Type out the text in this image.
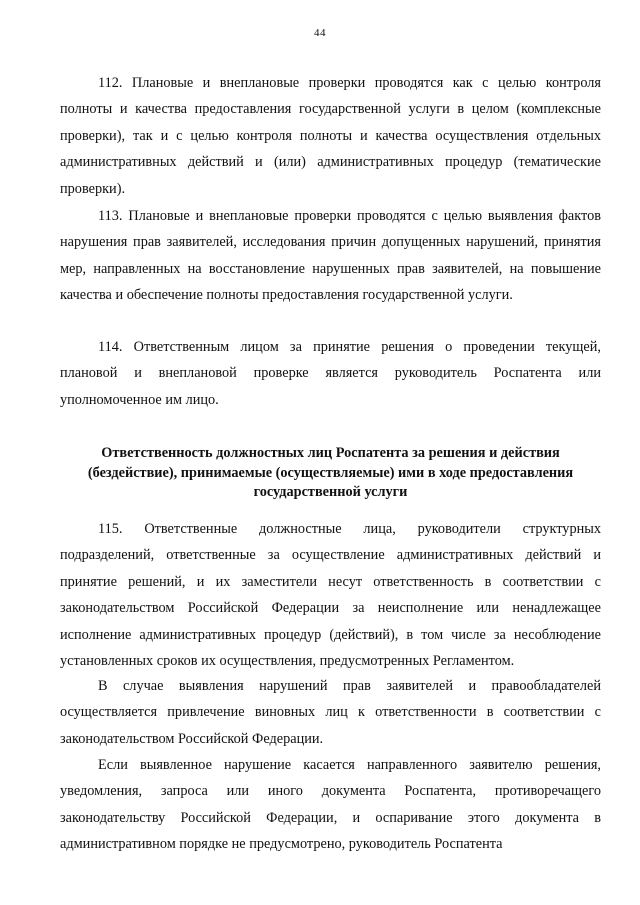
44

112. Плановые и внеплановые проверки проводятся как с целью контроля полноты и качества предоставления государственной услуги в целом (комплексные проверки), так и с целью контроля полноты и качества осуществления отдельных административных действий и (или) административных процедур (тематические проверки).

113. Плановые и внеплановые проверки проводятся с целью выявления фактов нарушения прав заявителей, исследования причин допущенных нарушений, принятия мер, направленных на восстановление нарушенных прав заявителей, на повышение качества и обеспечение полноты предоставления государственной услуги.

114. Ответственным лицом за принятие решения о проведении текущей, плановой и внеплановой проверке является руководитель Роспатента или уполномоченное им лицо.

Ответственность должностных лиц Роспатента за решения и действия (бездействие), принимаемые (осуществляемые) ими в ходе предоставления государственной услуги

115. Ответственные должностные лица, руководители структурных подразделений, ответственные за осуществление административных действий и принятие решений, и их заместители несут ответственность в соответствии с законодательством Российской Федерации за неисполнение или ненадлежащее исполнение административных процедур (действий), в том числе за несоблюдение установленных сроков их осуществления, предусмотренных Регламентом.

В случае выявления нарушений прав заявителей и правообладателей осуществляется привлечение виновных лиц к ответственности в соответствии с законодательством Российской Федерации.

Если выявленное нарушение касается направленного заявителю решения, уведомления, запроса или иного документа Роспатента, противоречащего законодательству Российской Федерации, и оспаривание этого документа в административном порядке не предусмотрено, руководитель Роспатента
